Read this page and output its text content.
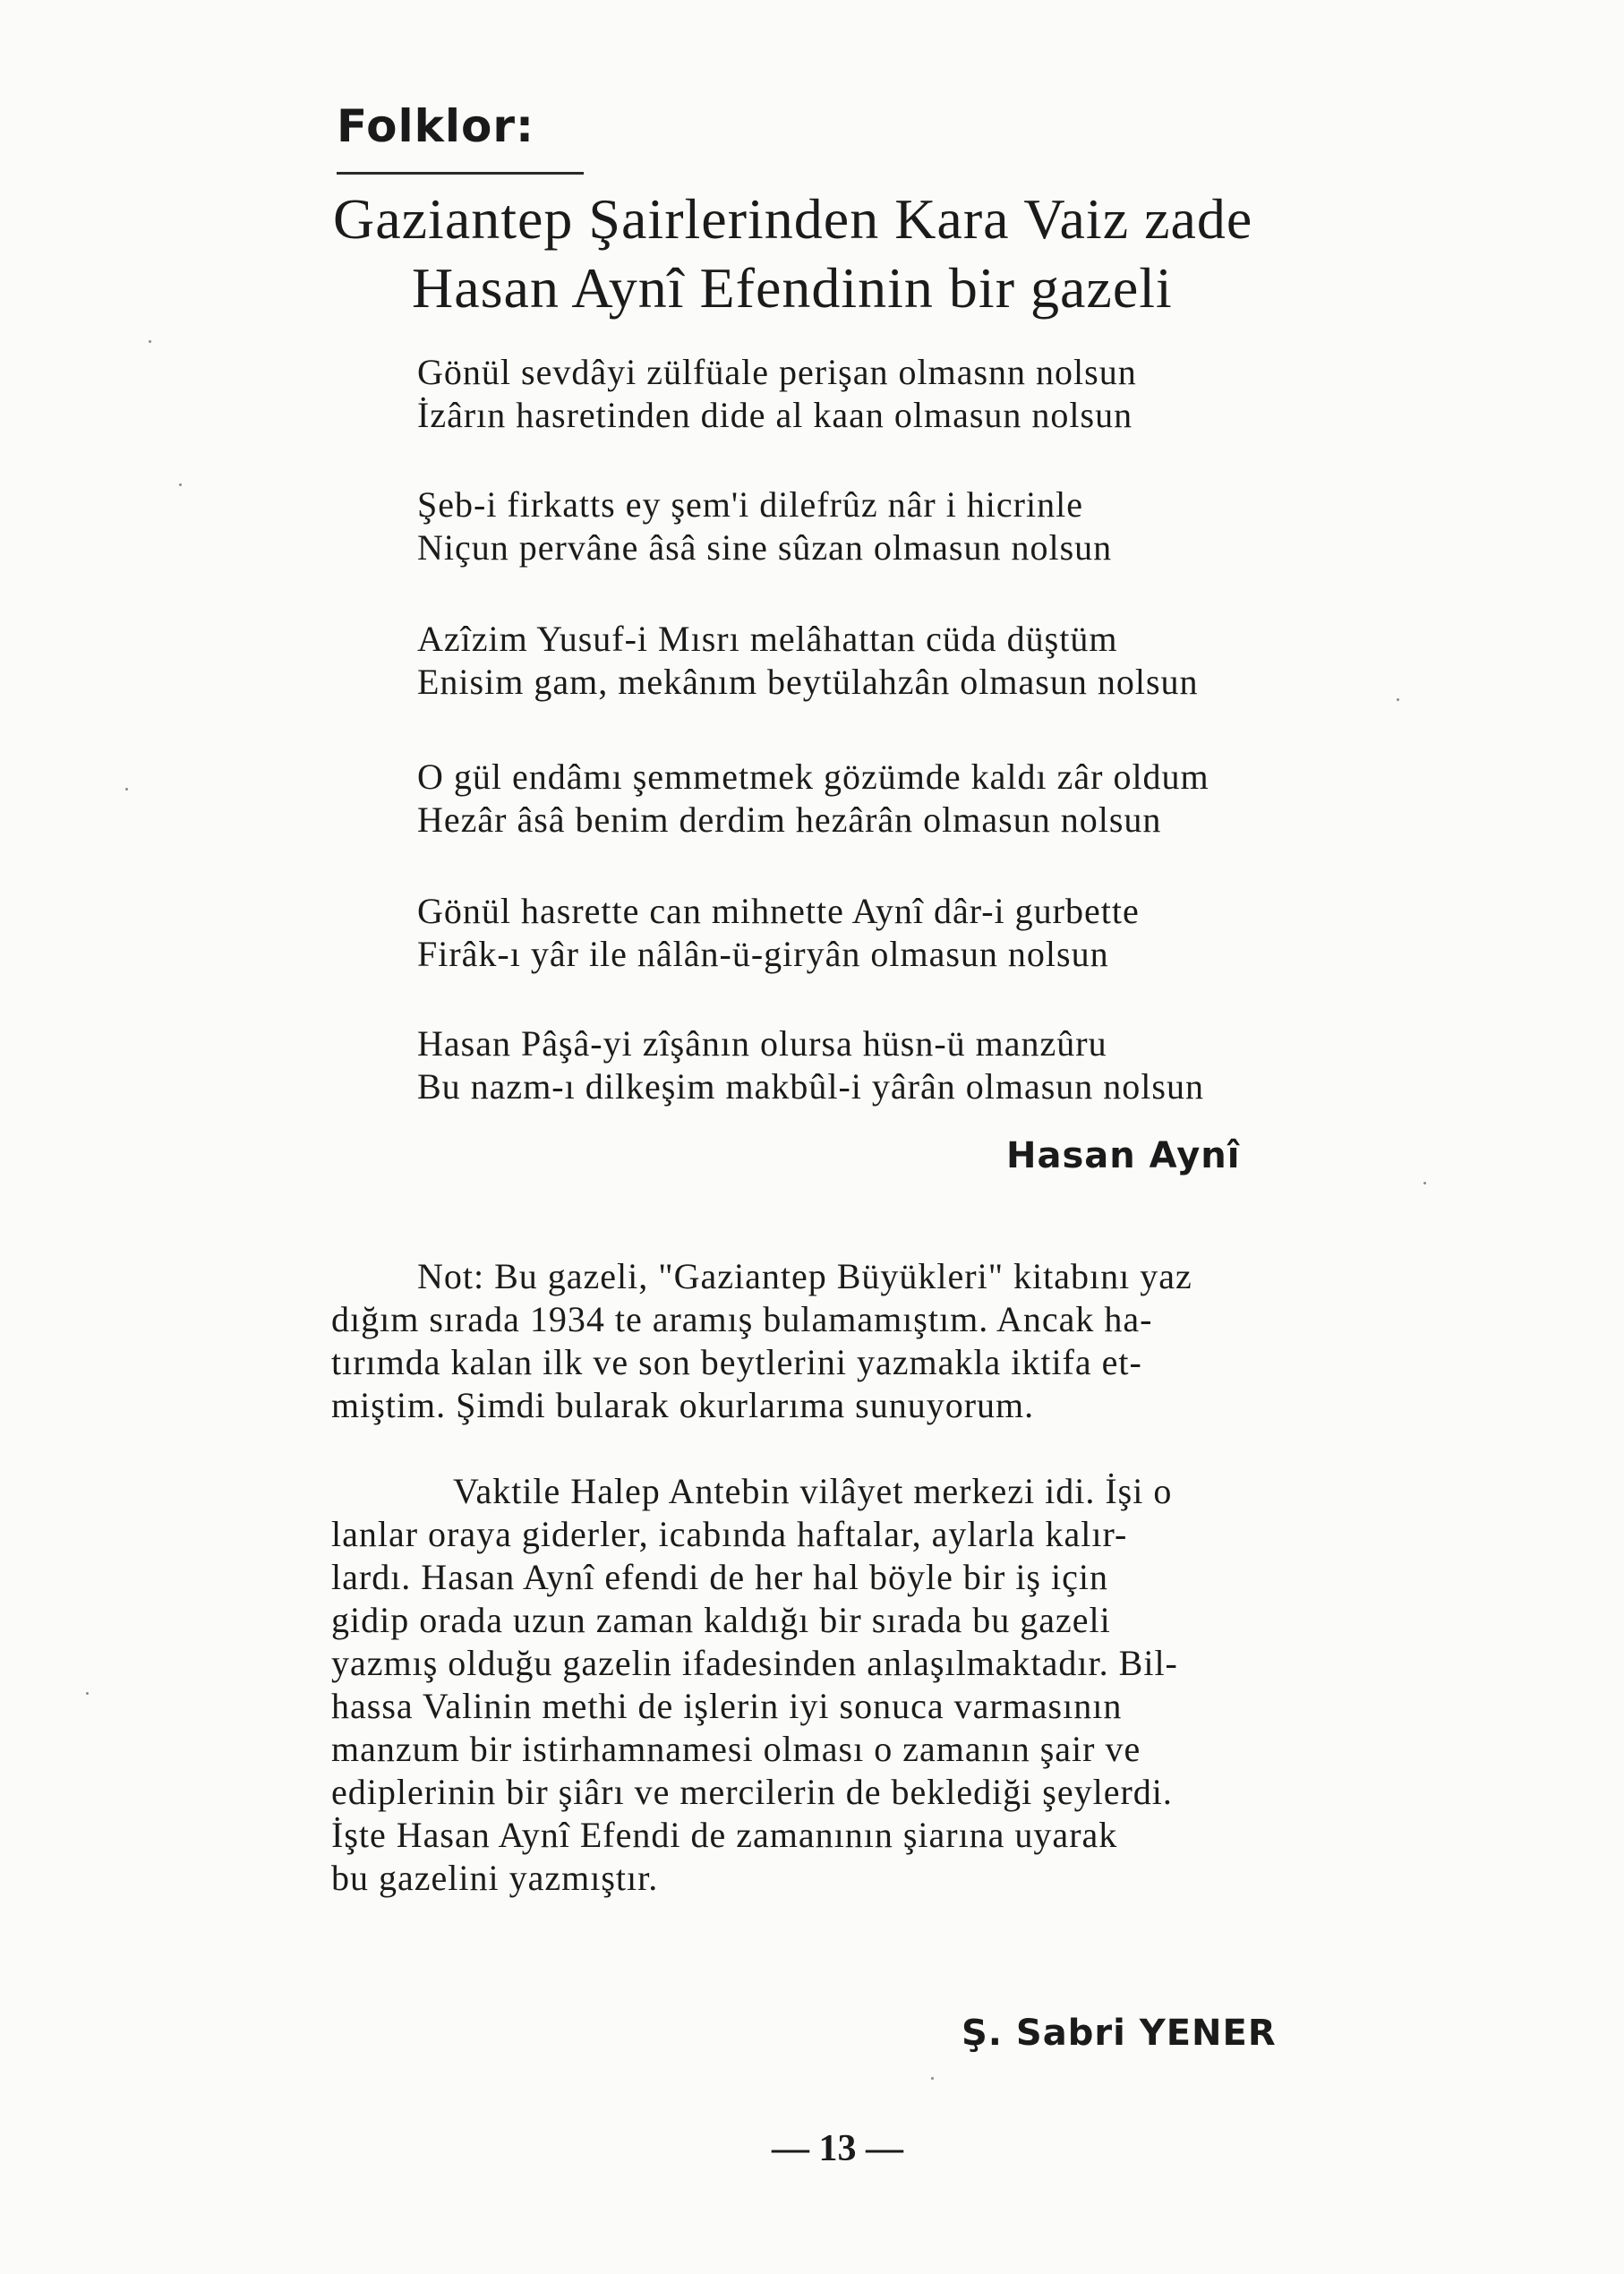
Folklor:
Gaziantep Şairlerinden Kara Vaiz zade
Hasan Aynî Efendinin bir gazeli
Gönül sevdâyi zülfüale perişan olmasnn nolsun
İzârın hasretinden dide al kaan olmasun nolsun
Şeb-i firkatts ey şem'i dilefrûz nâr i hicrinle
Niçun pervâne âsâ sine sûzan olmasun nolsun
Azîzim Yusuf-i Mısrı melâhattan cüda düştüm
Enisim gam, mekânım beytülahzân olmasun nolsun
O gül endâmı şemmetmek gözümde kaldı zâr oldum
Hezâr âsâ benim derdim hezârân olmasun nolsun
Gönül hasrette can mihnette Aynî dâr-i gurbette
Firâk-ı yâr ile nâlân-ü-giryân olmasun nolsun
Hasan Pâşâ-yi zîşânın olursa hüsn-ü manzûru
Bu nazm-ı dilkeşim makbûl-i yârân olmasun nolsun
Hasan Aynî
Not: Bu gazeli, "Gaziantep Büyükleri" kitabını yaz
dığım sırada 1934 te aramış bulamamıştım. Ancak ha-
tırımda kalan ilk ve son beytlerini yazmakla iktifa et-
miştim. Şimdi bularak okurlarıma sunuyorum.
Vaktile Halep Antebin vilâyet merkezi idi. İşi o
lanlar oraya giderler, icabında haftalar, aylarla kalır-
lardı. Hasan Aynî efendi de her hal böyle bir iş için
gidip orada uzun zaman kaldığı bir sırada bu gazeli
yazmış olduğu gazelin ifadesinden anlaşılmaktadır. Bil-
hassa Valinin methi de işlerin iyi sonuca varmasının
manzum bir istirhamnamesi olması o zamanın şair ve
ediplerinin bir şiârı ve mercilerin de beklediği şeylerdi.
İşte Hasan Aynî Efendi de zamanının şiarına uyarak
bu gazelini yazmıştır.
Ş. Sabri YENER
— 13 —
